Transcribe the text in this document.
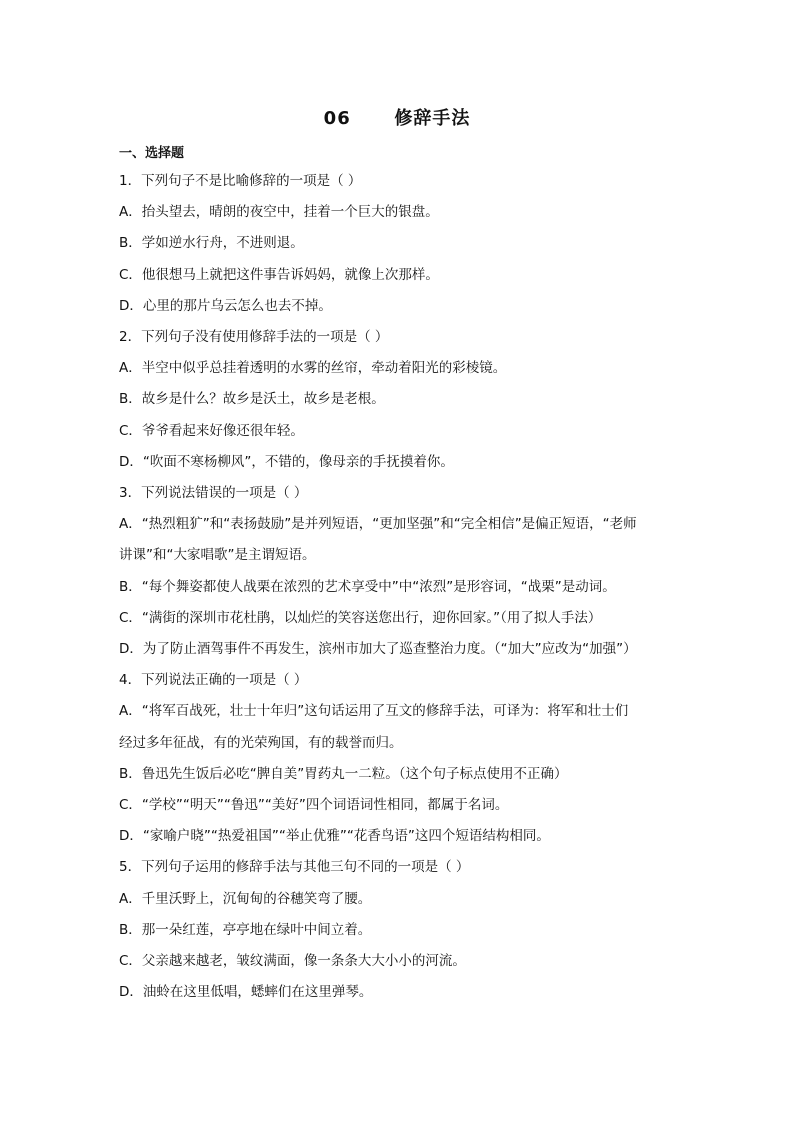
06      修辞手法
一、选择题
1．下列句子不是比喻修辞的一项是（ ）
A．抬头望去，晴朗的夜空中，挂着一个巨大的银盘。
B．学如逆水行舟，不进则退。
C．他很想马上就把这件事告诉妈妈，就像上次那样。
D．心里的那片乌云怎么也去不掉。
2．下列句子没有使用修辞手法的一项是（ ）
A．半空中似乎总挂着透明的水雾的丝帘，牵动着阳光的彩棱镜。
B．故乡是什么？故乡是沃土，故乡是老根。
C．爷爷看起来好像还很年轻。
D．“吹面不寒杨柳风”，不错的，像母亲的手抚摸着你。
3．下列说法错误的一项是（ ）
A．“热烈粗犷”和“表扬鼓励”是并列短语，“更加坚强”和“完全相信”是偏正短语，“老师
讲课”和“大家唱歌”是主谓短语。
B．“每个舞姿都使人战栗在浓烈的艺术享受中”中“浓烈”是形容词，“战栗”是动词。
C．“满街的深圳市花杜鹃，以灿烂的笑容送您出行，迎你回家。”（用了拟人手法）
D．为了防止酒驾事件不再发生，滨州市加大了巡查整治力度。（“加大”应改为“加强”）
4．下列说法正确的一项是（ ）
A．“将军百战死，壮士十年归”这句话运用了互文的修辞手法，可译为：将军和壮士们
经过多年征战，有的光荣殉国，有的载誉而归。
B．鲁迅先生饭后必吃“脾自美”胃药丸一二粒。（这个句子标点使用不正确）
C．“学校”“明天”“鲁迅”“美好”四个词语词性相同，都属于名词。
D．“家喻户晓”“热爱祖国”“举止优雅”“花香鸟语”这四个短语结构相同。
5．下列句子运用的修辞手法与其他三句不同的一项是（ ）
A．千里沃野上，沉甸甸的谷穗笑弯了腰。
B．那一朵红莲，亭亭地在绿叶中间立着。
C．父亲越来越老，皱纹满面，像一条条大大小小的河流。
D．油蛉在这里低唱，蟋蟀们在这里弹琴。
